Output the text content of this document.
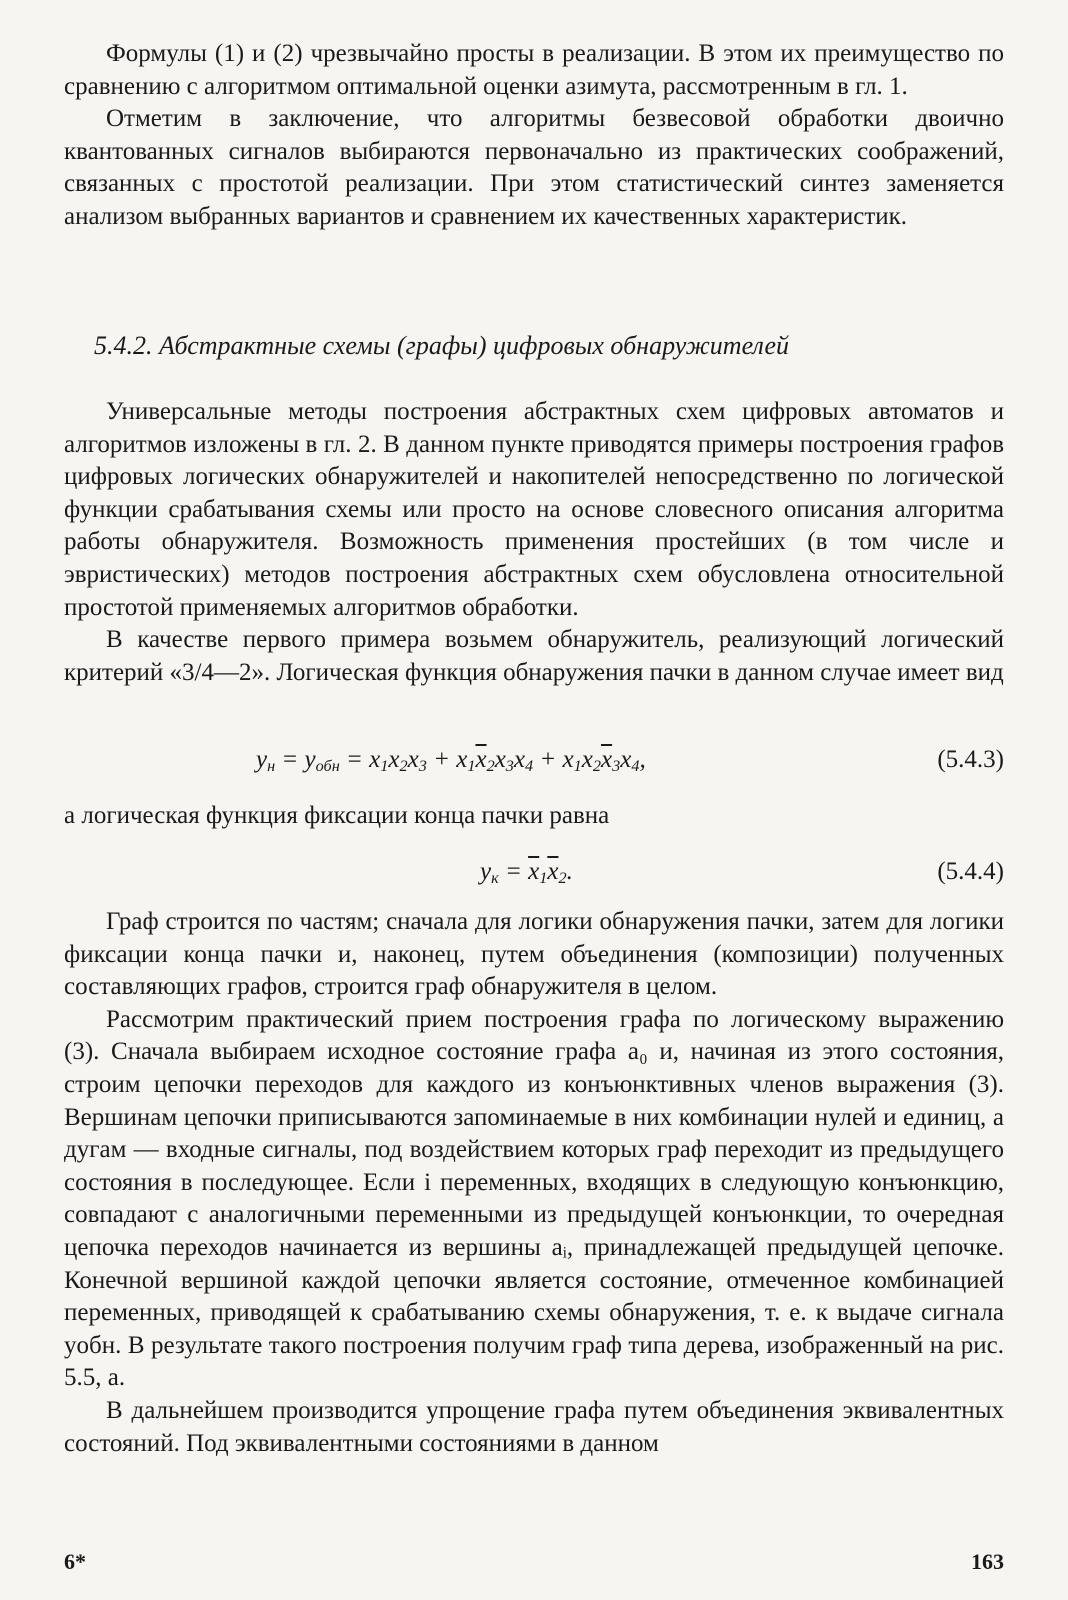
Формулы (1) и (2) чрезвычайно просты в реализации. В этом их преимущество по сравнению с алгоритмом оптимальной оценки азимута, рассмотренным в гл. 1.

Отметим в заключение, что алгоритмы безвесовой обработки двоично квантованных сигналов выбираются первоначально из практических соображений, связанных с простотой реализации. При этом статистический синтез заменяется анализом выбранных вариантов и сравнением их качественных характеристик.

5.4.2. Абстрактные схемы (графы) цифровых обнаружителей

Универсальные методы построения абстрактных схем цифровых автоматов и алгоритмов изложены в гл. 2. В данном пункте приводятся примеры построения графов цифровых логических обнаружителей и накопителей непосредственно по логической функции срабатывания схемы или просто на основе словесного описания алгоритма работы обнаружителя. Возможность применения простейших (в том числе и эвристических) методов построения абстрактных схем обусловлена относительной простотой применяемых алгоритмов обработки.

В качестве первого примера возьмем обнаружитель, реализующий логический критерий «3/4—2». Логическая функция обнаружения пачки в данном случае имеет вид

$y_н = y_{обн} = x_1x_2x_3 + x_1\overline{x}_2x_3x_4 + x_1x_2\overline{x}_3x_4$,	(5.4.3)

а логическая функция фиксации конца пачки равна

$y_к = \overline{x}_1\overline{x}_2$.	(5.4.4)

Граф строится по частям; сначала для логики обнаружения пачки, затем для логики фиксации конца пачки и, наконец, путем объединения (композиции) полученных составляющих графов, строится граф обнаружителя в целом.

Рассмотрим практический прием построения графа по логическому выражению (3). Сначала выбираем исходное состояние графа a₀ и, начиная из этого состояния, строим цепочки переходов для каждого из конъюнктивных членов выражения (3). Вершинам цепочки приписываются запоминаемые в них комбинации нулей и единиц, а дугам — входные сигналы, под воздействием которых граф переходит из предыдущего состояния в последующее. Если i переменных, входящих в следующую конъюнкцию, совпадают с аналогичными переменными из предыдущей конъюнкции, то очередная цепочка переходов начинается из вершины aᵢ, принадлежащей предыдущей цепочке. Конечной вершиной каждой цепочки является состояние, отмеченное комбинацией переменных, приводящей к срабатыванию схемы обнаружения, т. е. к выдаче сигнала yобн. В результате такого построения получим граф типа дерева, изображенный на рис. 5.5, а.

В дальнейшем производится упрощение графа путем объединения эквивалентных состояний. Под эквивалентными состояниями в данном

6*	163
